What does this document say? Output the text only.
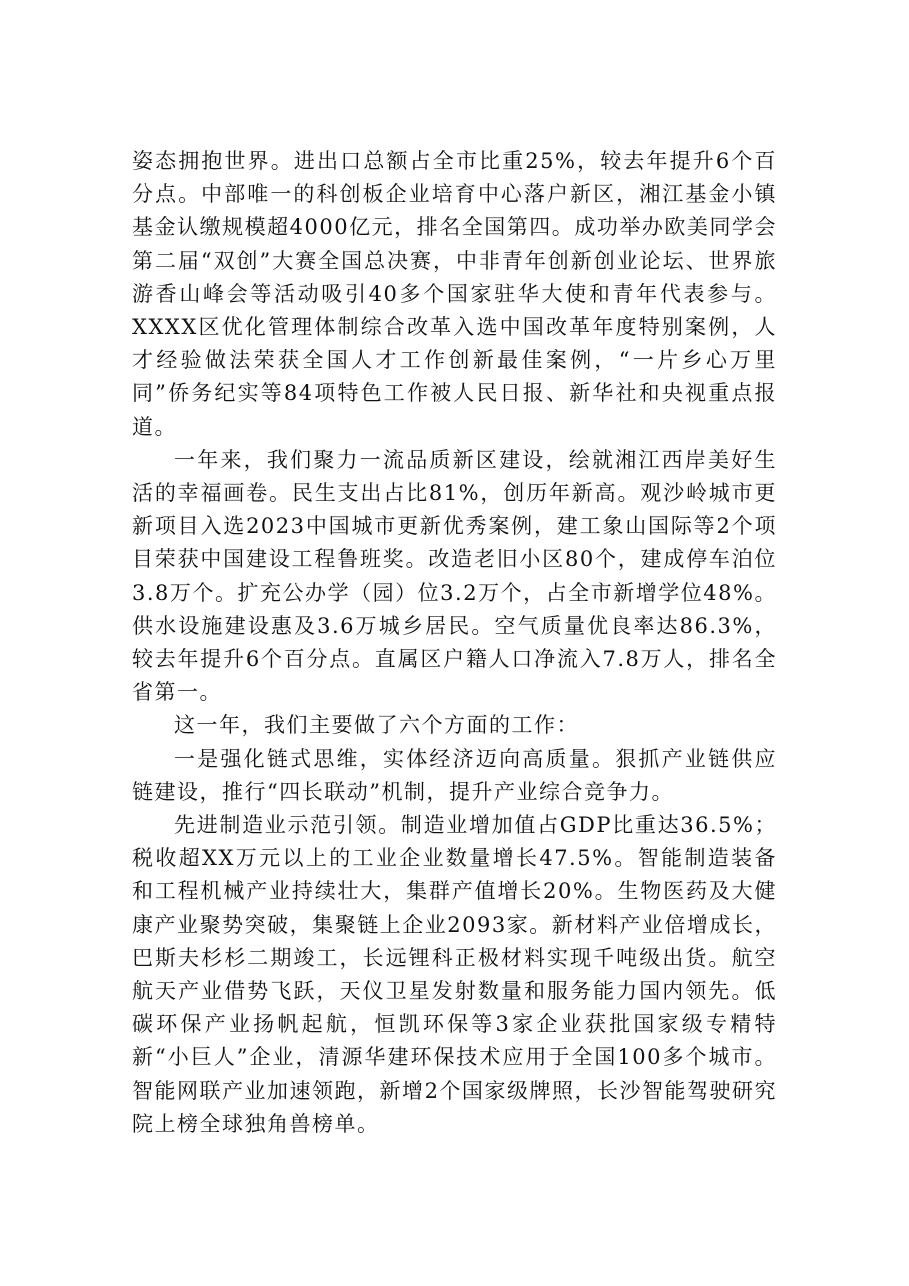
姿态拥抱世界。进出口总额占全市比重25%，较去年提升6个百分点。中部唯一的科创板企业培育中心落户新区，湘江基金小镇基金认缴规模超4000亿元，排名全国第四。成功举办欧美同学会第二届“双创”大赛全国总决赛，中非青年创新创业论坛、世界旅游香山峰会等活动吸引40多个国家驻华大使和青年代表参与。XXXX区优化管理体制综合改革入选中国改革年度特别案例，人才经验做法荣获全国人才工作创新最佳案例，“一片乡心万里同”侨务纪实等84项特色工作被人民日报、新华社和央视重点报道。

一年来，我们聚力一流品质新区建设，绘就湘江西岸美好生活的幸福画卷。民生支出占比81%，创历年新高。观沙岭城市更新项目入选2023中国城市更新优秀案例，建工象山国际等2个项目荣获中国建设工程鲁班奖。改造老旧小区80个，建成停车泊位3.8万个。扩充公办学（园）位3.2万个，占全市新增学位48%。供水设施建设惠及3.6万城乡居民。空气质量优良率达86.3%，较去年提升6个百分点。直属区户籍人口净流入7.8万人，排名全省第一。

这一年，我们主要做了六个方面的工作：

一是强化链式思维，实体经济迈向高质量。狠抓产业链供应链建设，推行“四长联动”机制，提升产业综合竞争力。

先进制造业示范引领。制造业增加值占GDP比重达36.5%；税收超XX万元以上的工业企业数量增长47.5%。智能制造装备和工程机械产业持续壮大，集群产值增长20%。生物医药及大健康产业聚势突破，集聚链上企业2093家。新材料产业倍增成长，巴斯夫杉杉二期竣工，长远锂科正极材料实现千吨级出货。航空航天产业借势飞跃，天仪卫星发射数量和服务能力国内领先。低碳环保产业扬帆起航，恒凯环保等3家企业获批国家级专精特新“小巨人”企业，清源华建环保技术应用于全国100多个城市。智能网联产业加速领跑，新增2个国家级牌照，长沙智能驾驶研究院上榜全球独角兽榜单。
